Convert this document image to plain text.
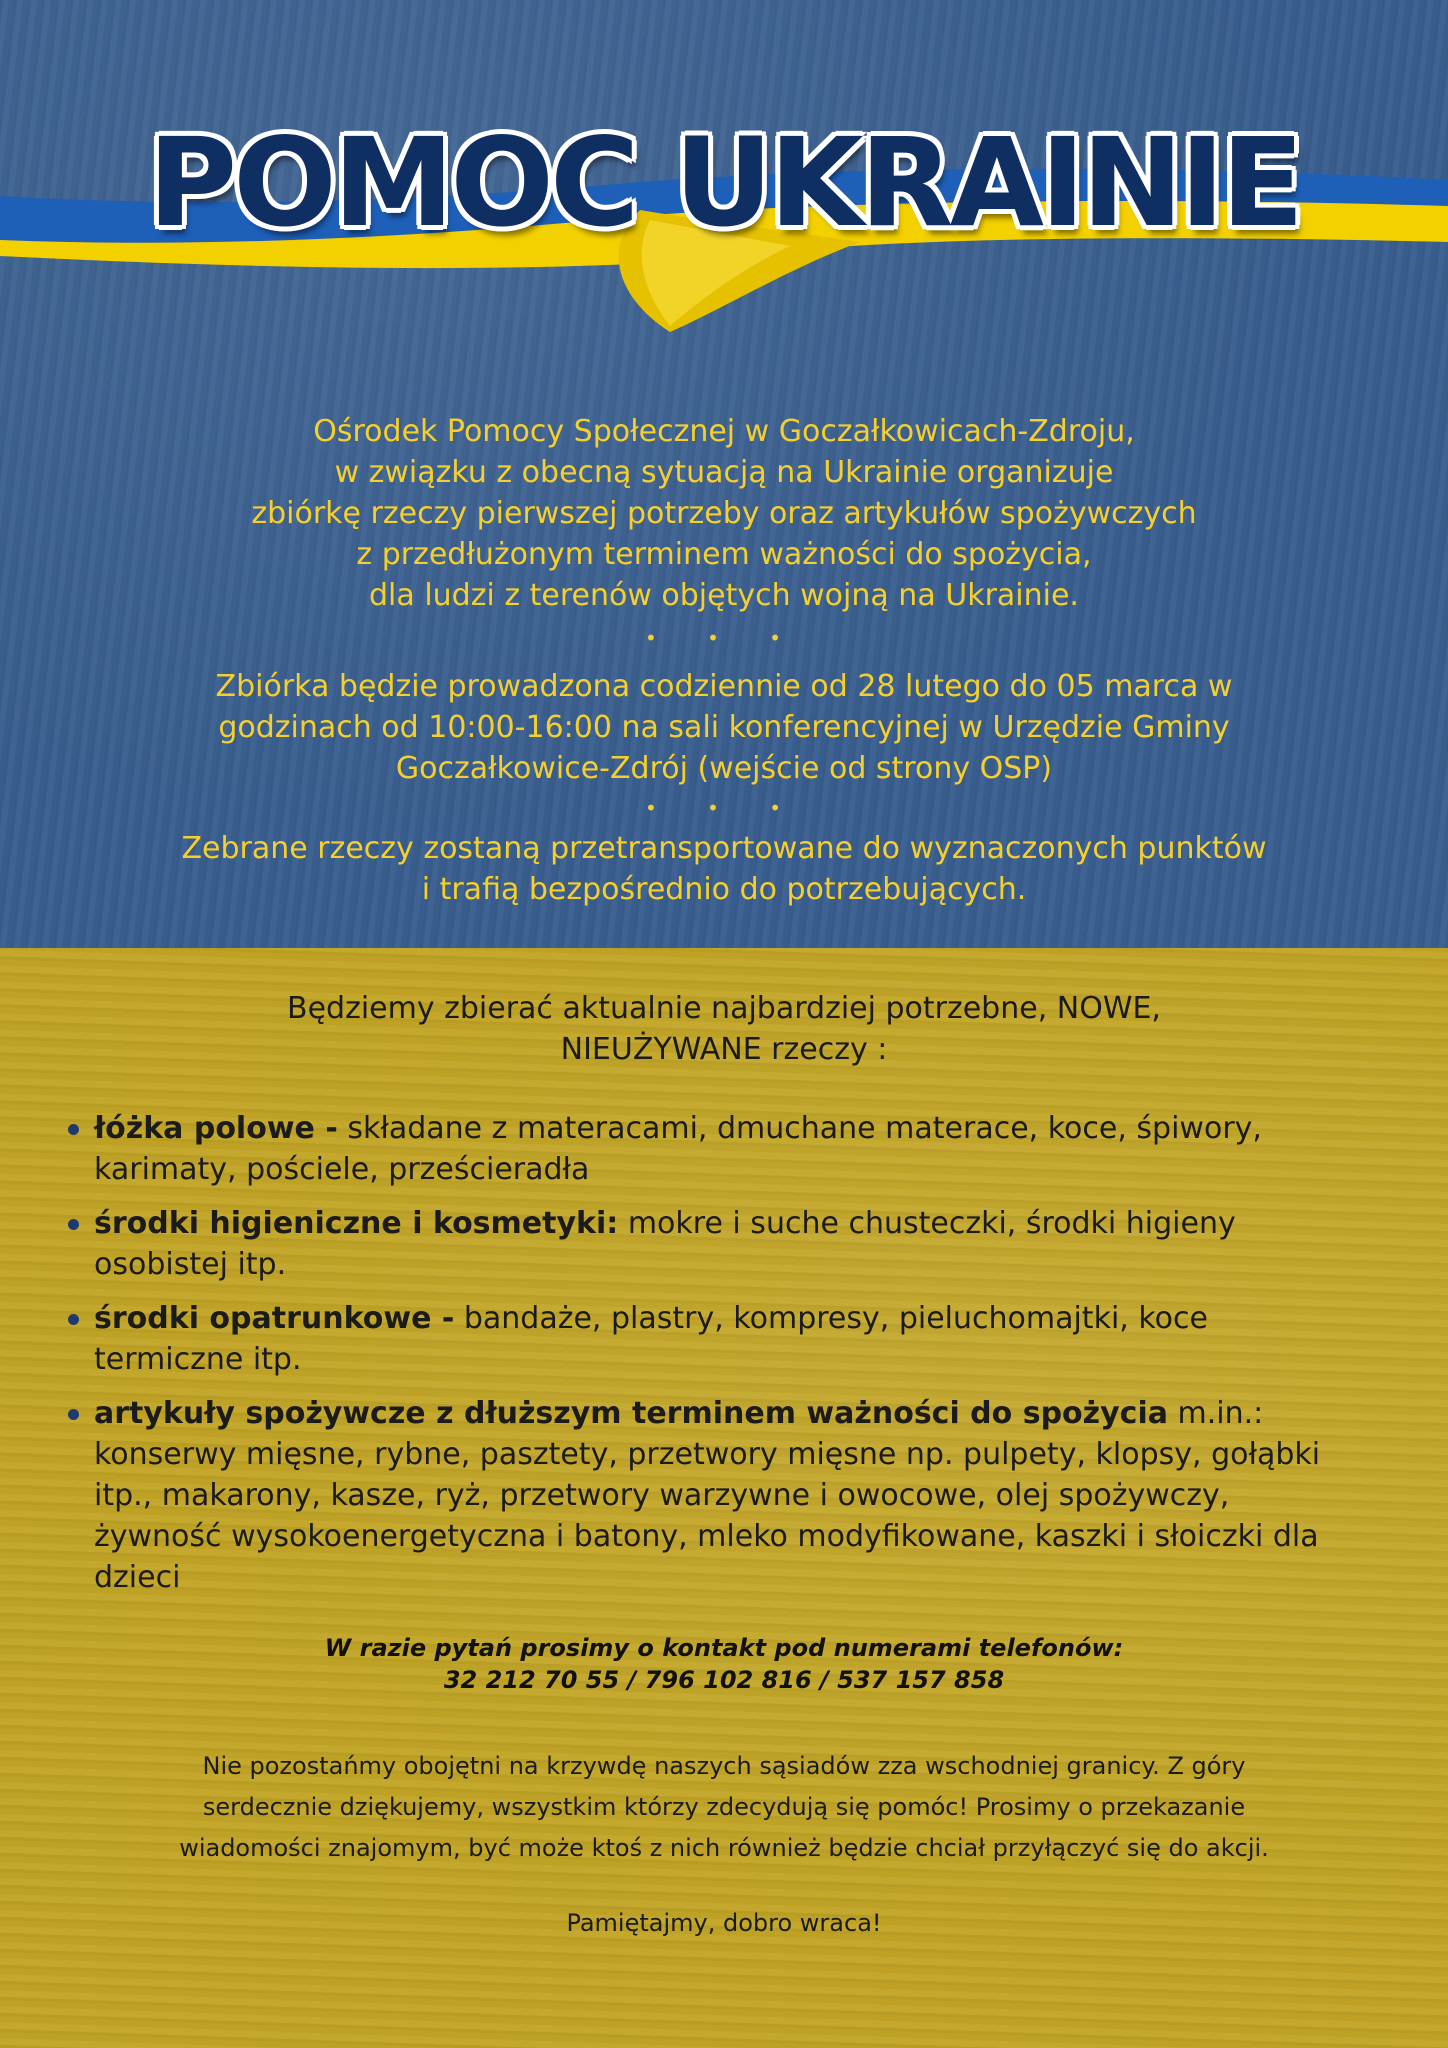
POMOC UKRAINIE
Ośrodek Pomocy Społecznej w Goczałkowicach-Zdroju,
w związku z obecną sytuacją na Ukrainie organizuje
zbiórkę rzeczy pierwszej potrzeby oraz artykułów spożywczych
z przedłużonym terminem ważności do spożycia,
dla ludzi z terenów objętych wojną na Ukrainie.
• • •
Zbiórka będzie prowadzona codziennie od 28 lutego do 05 marca w
godzinach od 10:00-16:00 na sali konferencyjnej w Urzędzie Gminy
Goczałkowice-Zdrój (wejście od strony OSP)
• • •
Zebrane rzeczy zostaną przetransportowane do wyznaczonych punktów
i trafią bezpośrednio do potrzebujących.
Będziemy zbierać aktualnie najbardziej potrzebne, NOWE,
NIEUŻYWANE rzeczy :
łóżka polowe - składane z materacami, dmuchane materace, koce, śpiwory, karimaty, pościele, prześcieradła
środki higieniczne i kosmetyki: mokre i suche chusteczki, środki higieny osobistej itp.
środki opatrunkowe - bandaże, plastry, kompresy, pieluchomajtki, koce termiczne itp.
artykuły spożywcze z dłuższym terminem ważności do spożycia m.in.: konserwy mięsne, rybne, pasztety, przetwory mięsne np. pulpety, klopsy, gołąbki itp., makarony, kasze, ryż, przetwory warzywne i owocowe, olej spożywczy, żywność wysokoenergetyczna i batony, mleko modyfikowane, kaszki i słoiczki dla dzieci
W razie pytań prosimy o kontakt pod numerami telefonów:
32 212 70 55 / 796 102 816 / 537 157 858
Nie pozostańmy obojętni na krzywdę naszych sąsiadów zza wschodniej granicy. Z góry
serdecznie dziękujemy, wszystkim którzy zdecydują się pomóc! Prosimy o przekazanie
wiadomości znajomym, być może ktoś z nich również będzie chciał przyłączyć się do akcji.
Pamiętajmy, dobro wraca!
